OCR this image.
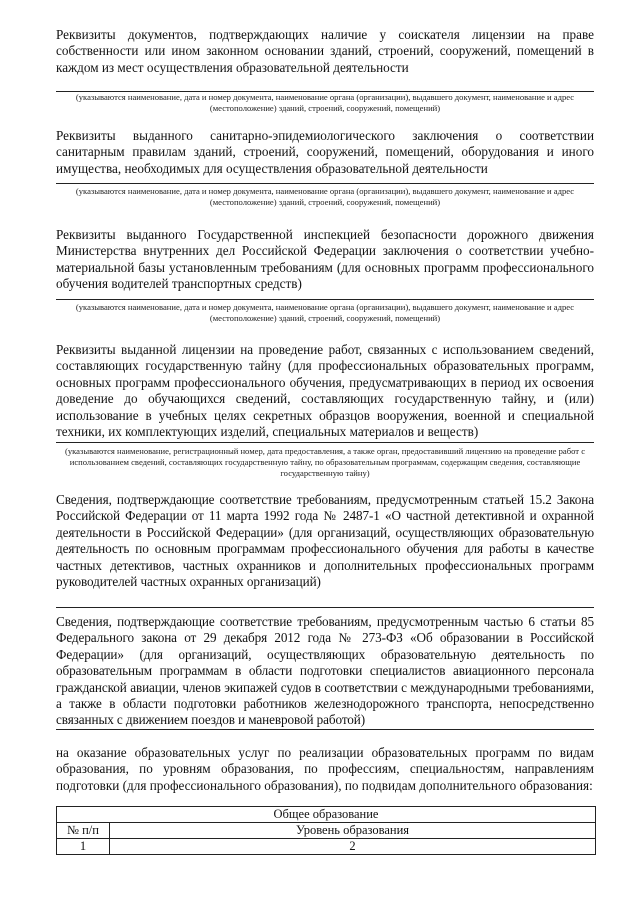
Реквизиты документов, подтверждающих наличие у соискателя лицензии на праве собственности или ином законном основании зданий, строений, сооружений, помещений в каждом из мест осуществления образовательной деятельности

(указываются наименование, дата и номер документа, наименование органа (организации), выдавшего документ, наименование и адрес (местоположение) зданий, строений, сооружений, помещений)

Реквизиты выданного санитарно-эпидемиологического заключения о соответствии санитарным правилам зданий, строений, сооружений, помещений, оборудования и иного имущества, необходимых для осуществления образовательной деятельности

(указываются наименование, дата и номер документа, наименование органа (организации), выдавшего документ, наименование и адрес (местоположение) зданий, строений, сооружений, помещений)

Реквизиты выданного Государственной инспекцией безопасности дорожного движения Министерства внутренних дел Российской Федерации заключения о соответствии учебно-материальной базы установленным требованиям (для основных программ профессионального обучения водителей транспортных средств)

(указываются наименование, дата и номер документа, наименование органа (организации), выдавшего документ, наименование и адрес (местоположение) зданий, строений, сооружений, помещений)

Реквизиты выданной лицензии на проведение работ, связанных с использованием сведений, составляющих государственную тайну (для профессиональных образовательных программ, основных программ профессионального обучения, предусматривающих в период их освоения доведение до обучающихся сведений, составляющих государственную тайну, и (или) использование в учебных целях секретных образцов вооружения, военной и специальной техники, их комплектующих изделий, специальных материалов и веществ)

(указываются наименование, регистрационный номер, дата предоставления, а также орган, предоставивший лицензию на проведение работ с использованием сведений, составляющих государственную тайну, по образовательным программам, содержащим сведения, составляющие государственную тайну)

Сведения, подтверждающие соответствие требованиям, предусмотренным статьей 15.2 Закона Российской Федерации от 11 марта 1992 года № 2487-1 «О частной детективной и охранной деятельности в Российской Федерации» (для организаций, осуществляющих образовательную деятельность по основным программам профессионального обучения для работы в качестве частных детективов, частных охранников и дополнительных профессиональных программ руководителей частных охранных организаций)

Сведения, подтверждающие соответствие требованиям, предусмотренным частью 6 статьи 85 Федерального закона от 29 декабря 2012 года № 273-ФЗ «Об образовании в Российской Федерации» (для организаций, осуществляющих образовательную деятельность по образовательным программам в области подготовки специалистов авиационного персонала гражданской авиации, членов экипажей судов в соответствии с международными требованиями, а также в области подготовки работников железнодорожного транспорта, непосредственно связанных с движением поездов и маневровой работой)

на оказание образовательных услуг по реализации образовательных программ по видам образования, по уровням образования, по профессиям, специальностям, направлениям подготовки (для профессионального образования), по подвидам дополнительного образования:

Общее образование	
№ п/п	Уровень образования
1	2
